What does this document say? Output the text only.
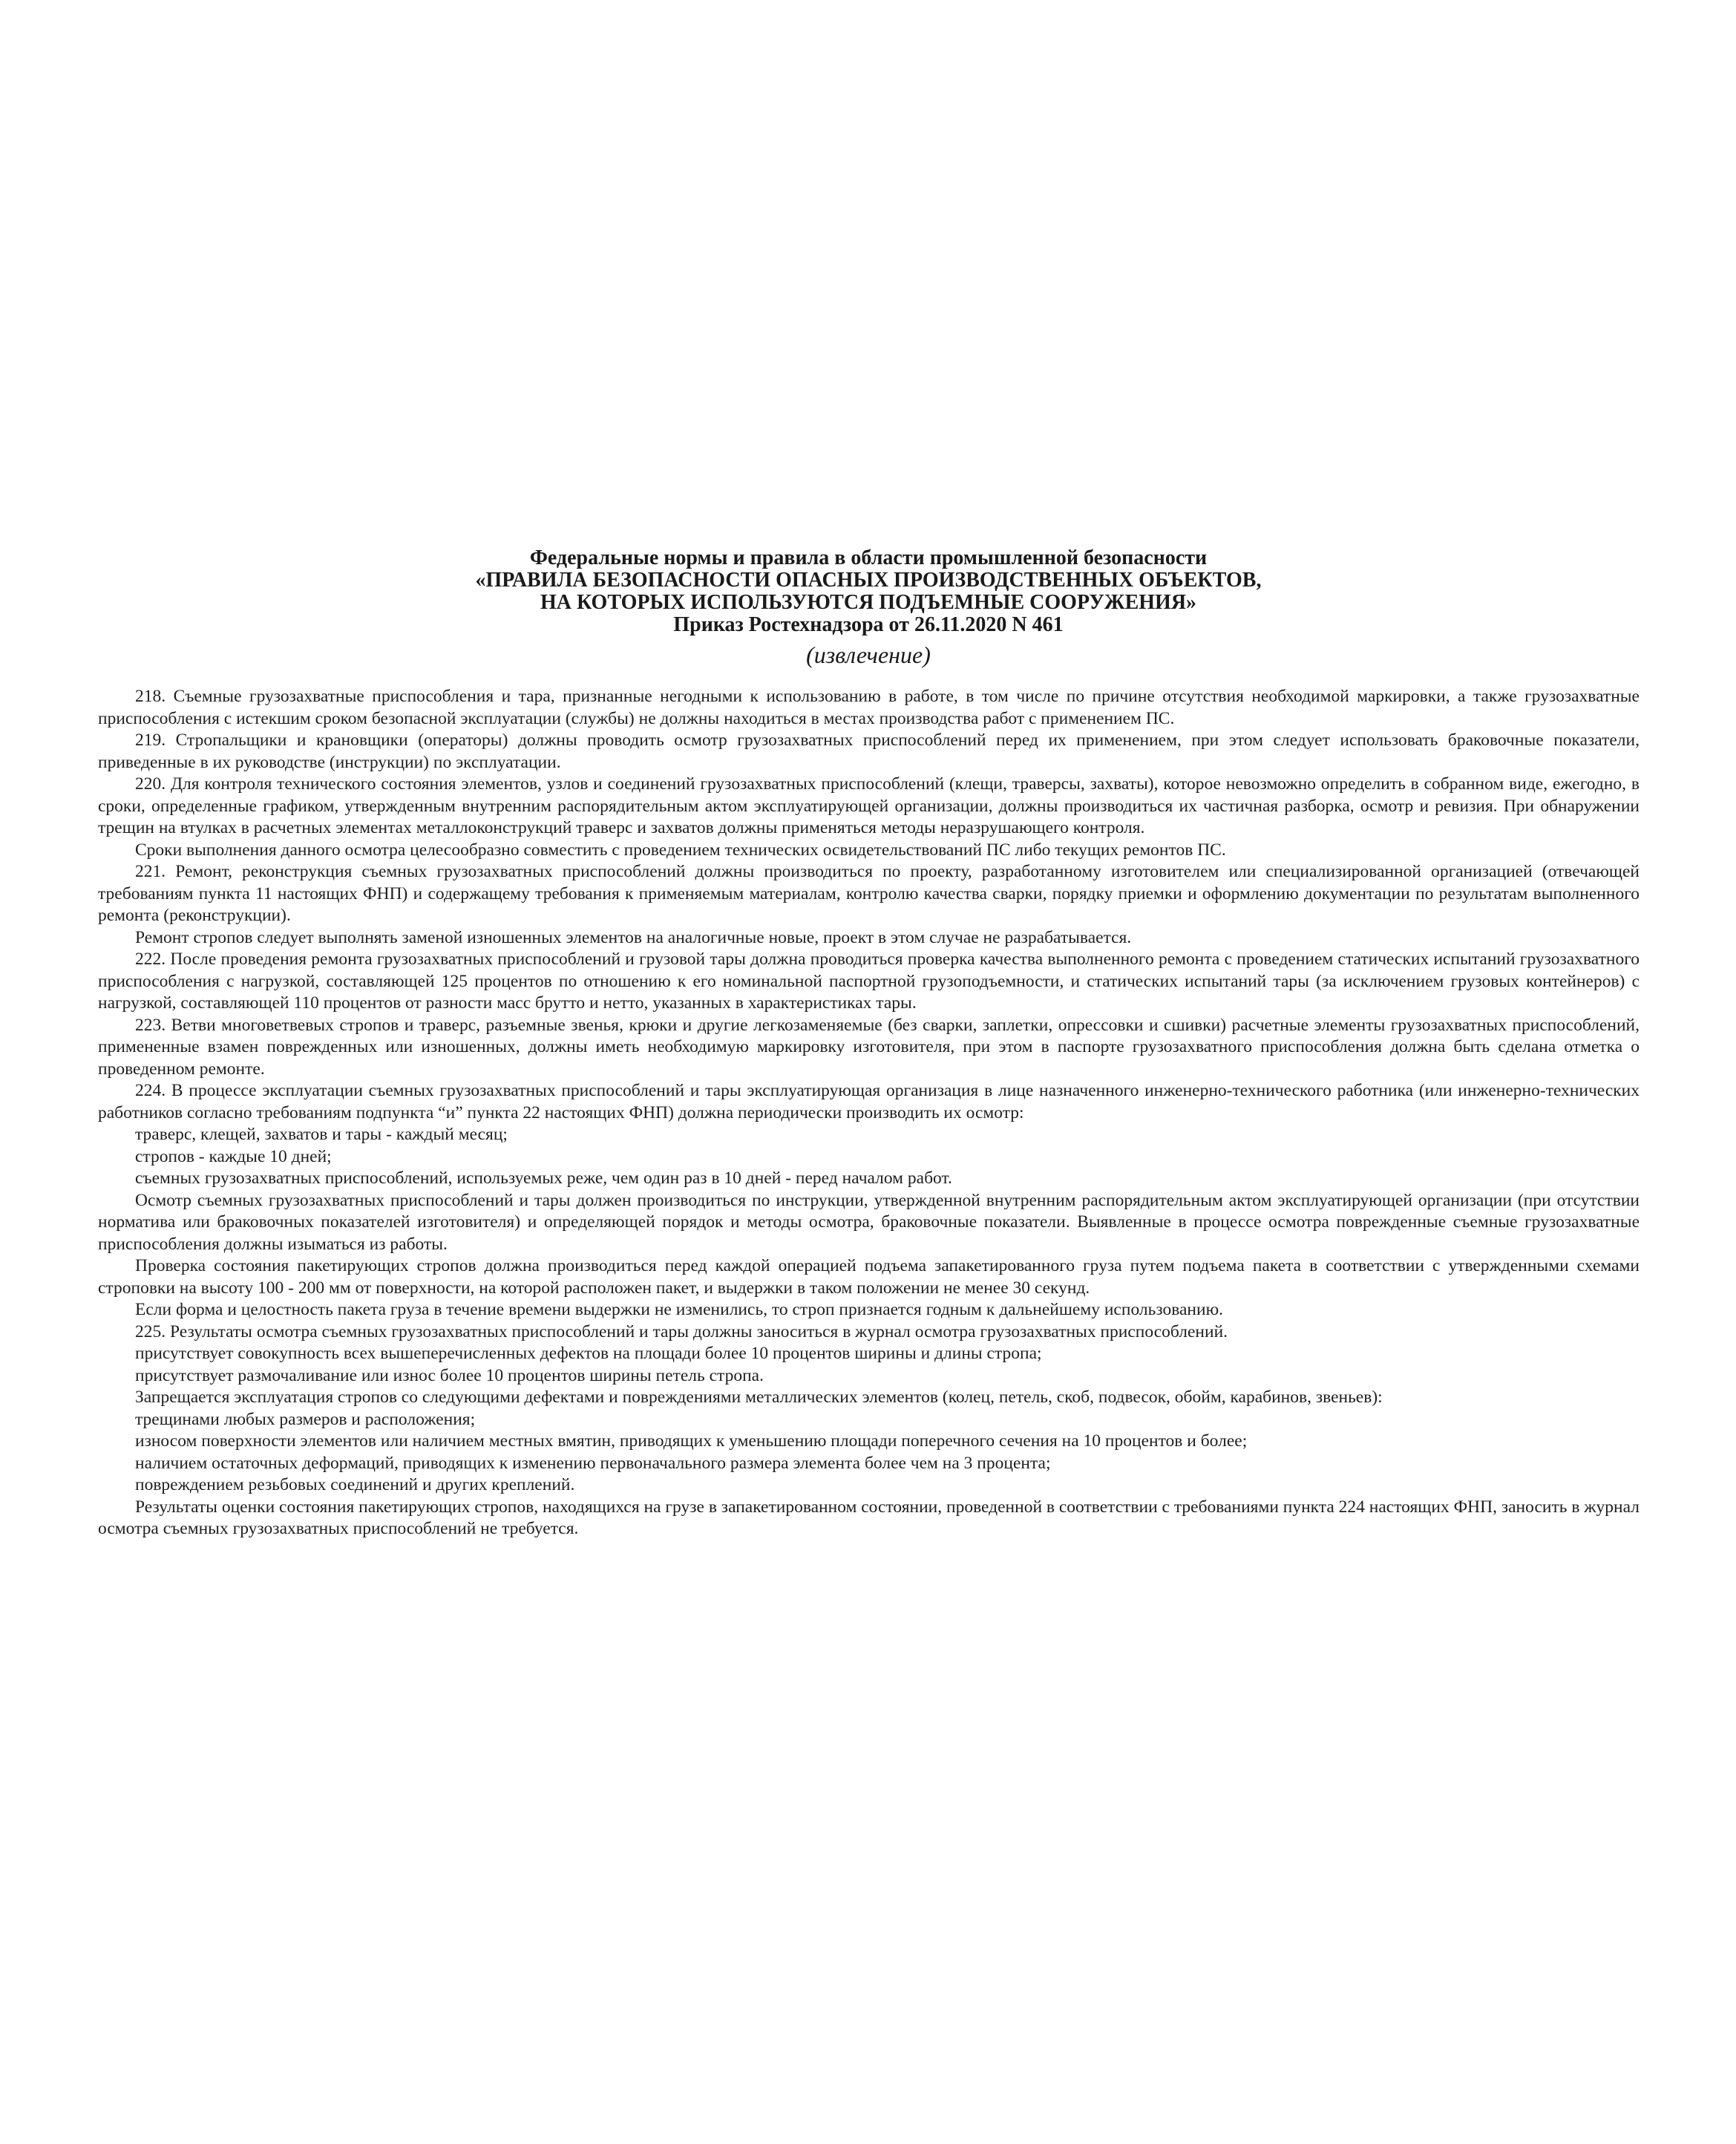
Федеральные нормы и правила в области промышленной безопасности
«ПРАВИЛА БЕЗОПАСНОСТИ ОПАСНЫХ ПРОИЗВОДСТВЕННЫХ ОБЪЕКТОВ,
НА КОТОРЫХ ИСПОЛЬЗУЮТСЯ ПОДЪЕМНЫЕ СООРУЖЕНИЯ»
Приказ Ростехнадзора от 26.11.2020 N 461
(извлечение)

218. Съемные грузозахватные приспособления и тара, признанные негодными к использованию в работе, в том числе по причине отсутствия необходимой маркировки, а также грузозахватные приспособления с истекшим сроком безопасной эксплуатации (службы) не должны находиться в местах производства работ с применением ПС.

219. Стропальщики и крановщики (операторы) должны проводить осмотр грузозахватных приспособлений перед их применением, при этом следует использовать браковочные показатели, приведенные в их руководстве (инструкции) по эксплуатации.

220. Для контроля технического состояния элементов, узлов и соединений грузозахватных приспособлений (клещи, траверсы, захваты), которое невозможно определить в собранном виде, ежегодно, в сроки, определенные графиком, утвержденным внутренним распорядительным актом эксплуатирующей организации, должны производиться их частичная разборка, осмотр и ревизия. При обнаружении трещин на втулках в расчетных элементах металлоконструкций траверс и захватов должны применяться методы неразрушающего контроля.

Сроки выполнения данного осмотра целесообразно совместить с проведением технических освидетельствований ПС либо текущих ремонтов ПС.

221. Ремонт, реконструкция съемных грузозахватных приспособлений должны производиться по проекту, разработанному изготовителем или специализированной организацией (отвечающей требованиям пункта 11 настоящих ФНП) и содержащему требования к применяемым материалам, контролю качества сварки, порядку приемки и оформлению документации по результатам выполненного ремонта (реконструкции).

Ремонт стропов следует выполнять заменой изношенных элементов на аналогичные новые, проект в этом случае не разрабатывается.

222. После проведения ремонта грузозахватных приспособлений и грузовой тары должна проводиться проверка качества выполненного ремонта с проведением статических испытаний грузозахватного приспособления с нагрузкой, составляющей 125 процентов по отношению к его номинальной паспортной грузоподъемности, и статических испытаний тары (за исключением грузовых контейнеров) с нагрузкой, составляющей 110 процентов от разности масс брутто и нетто, указанных в характеристиках тары.

223. Ветви многоветвевых стропов и траверс, разъемные звенья, крюки и другие легкозаменяемые (без сварки, заплетки, опрессовки и сшивки) расчетные элементы грузозахватных приспособлений, примененные взамен поврежденных или изношенных, должны иметь необходимую маркировку изготовителя, при этом в паспорте грузозахватного приспособления должна быть сделана отметка о проведенном ремонте.

224. В процессе эксплуатации съемных грузозахватных приспособлений и тары эксплуатирующая организация в лице назначенного инженерно-технического работника (или инженерно-технических работников согласно требованиям подпункта “и” пункта 22 настоящих ФНП) должна периодически производить их осмотр:

траверс, клещей, захватов и тары - каждый месяц;

стропов - каждые 10 дней;

съемных грузозахватных приспособлений, используемых реже, чем один раз в 10 дней - перед началом работ.

Осмотр съемных грузозахватных приспособлений и тары должен производиться по инструкции, утвержденной внутренним распорядительным актом эксплуатирующей организации (при отсутствии норматива или браковочных показателей изготовителя) и определяющей порядок и методы осмотра, браковочные показатели. Выявленные в процессе осмотра поврежденные съемные грузозахватные приспособления должны изыматься из работы.

Проверка состояния пакетирующих стропов должна производиться перед каждой операцией подъема запакетированного груза путем подъема пакета в соответствии с утвержденными схемами строповки на высоту 100 - 200 мм от поверхности, на которой расположен пакет, и выдержки в таком положении не менее 30 секунд.

Если форма и целостность пакета груза в течение времени выдержки не изменились, то строп признается годным к дальнейшему использованию.

225. Результаты осмотра съемных грузозахватных приспособлений и тары должны заноситься в журнал осмотра грузозахватных приспособлений.

присутствует совокупность всех вышеперечисленных дефектов на площади более 10 процентов ширины и длины стропа;

присутствует размочаливание или износ более 10 процентов ширины петель стропа.

Запрещается эксплуатация стропов со следующими дефектами и повреждениями металлических элементов (колец, петель, скоб, подвесок, обойм, карабинов, звеньев):

трещинами любых размеров и расположения;

износом поверхности элементов или наличием местных вмятин, приводящих к уменьшению площади поперечного сечения на 10 процентов и более;

наличием остаточных деформаций, приводящих к изменению первоначального размера элемента более чем на 3 процента;

повреждением резьбовых соединений и других креплений.

Результаты оценки состояния пакетирующих стропов, находящихся на грузе в запакетированном состоянии, проведенной в соответствии с требованиями пункта 224 настоящих ФНП, заносить в журнал осмотра съемных грузозахватных приспособлений не требуется.
